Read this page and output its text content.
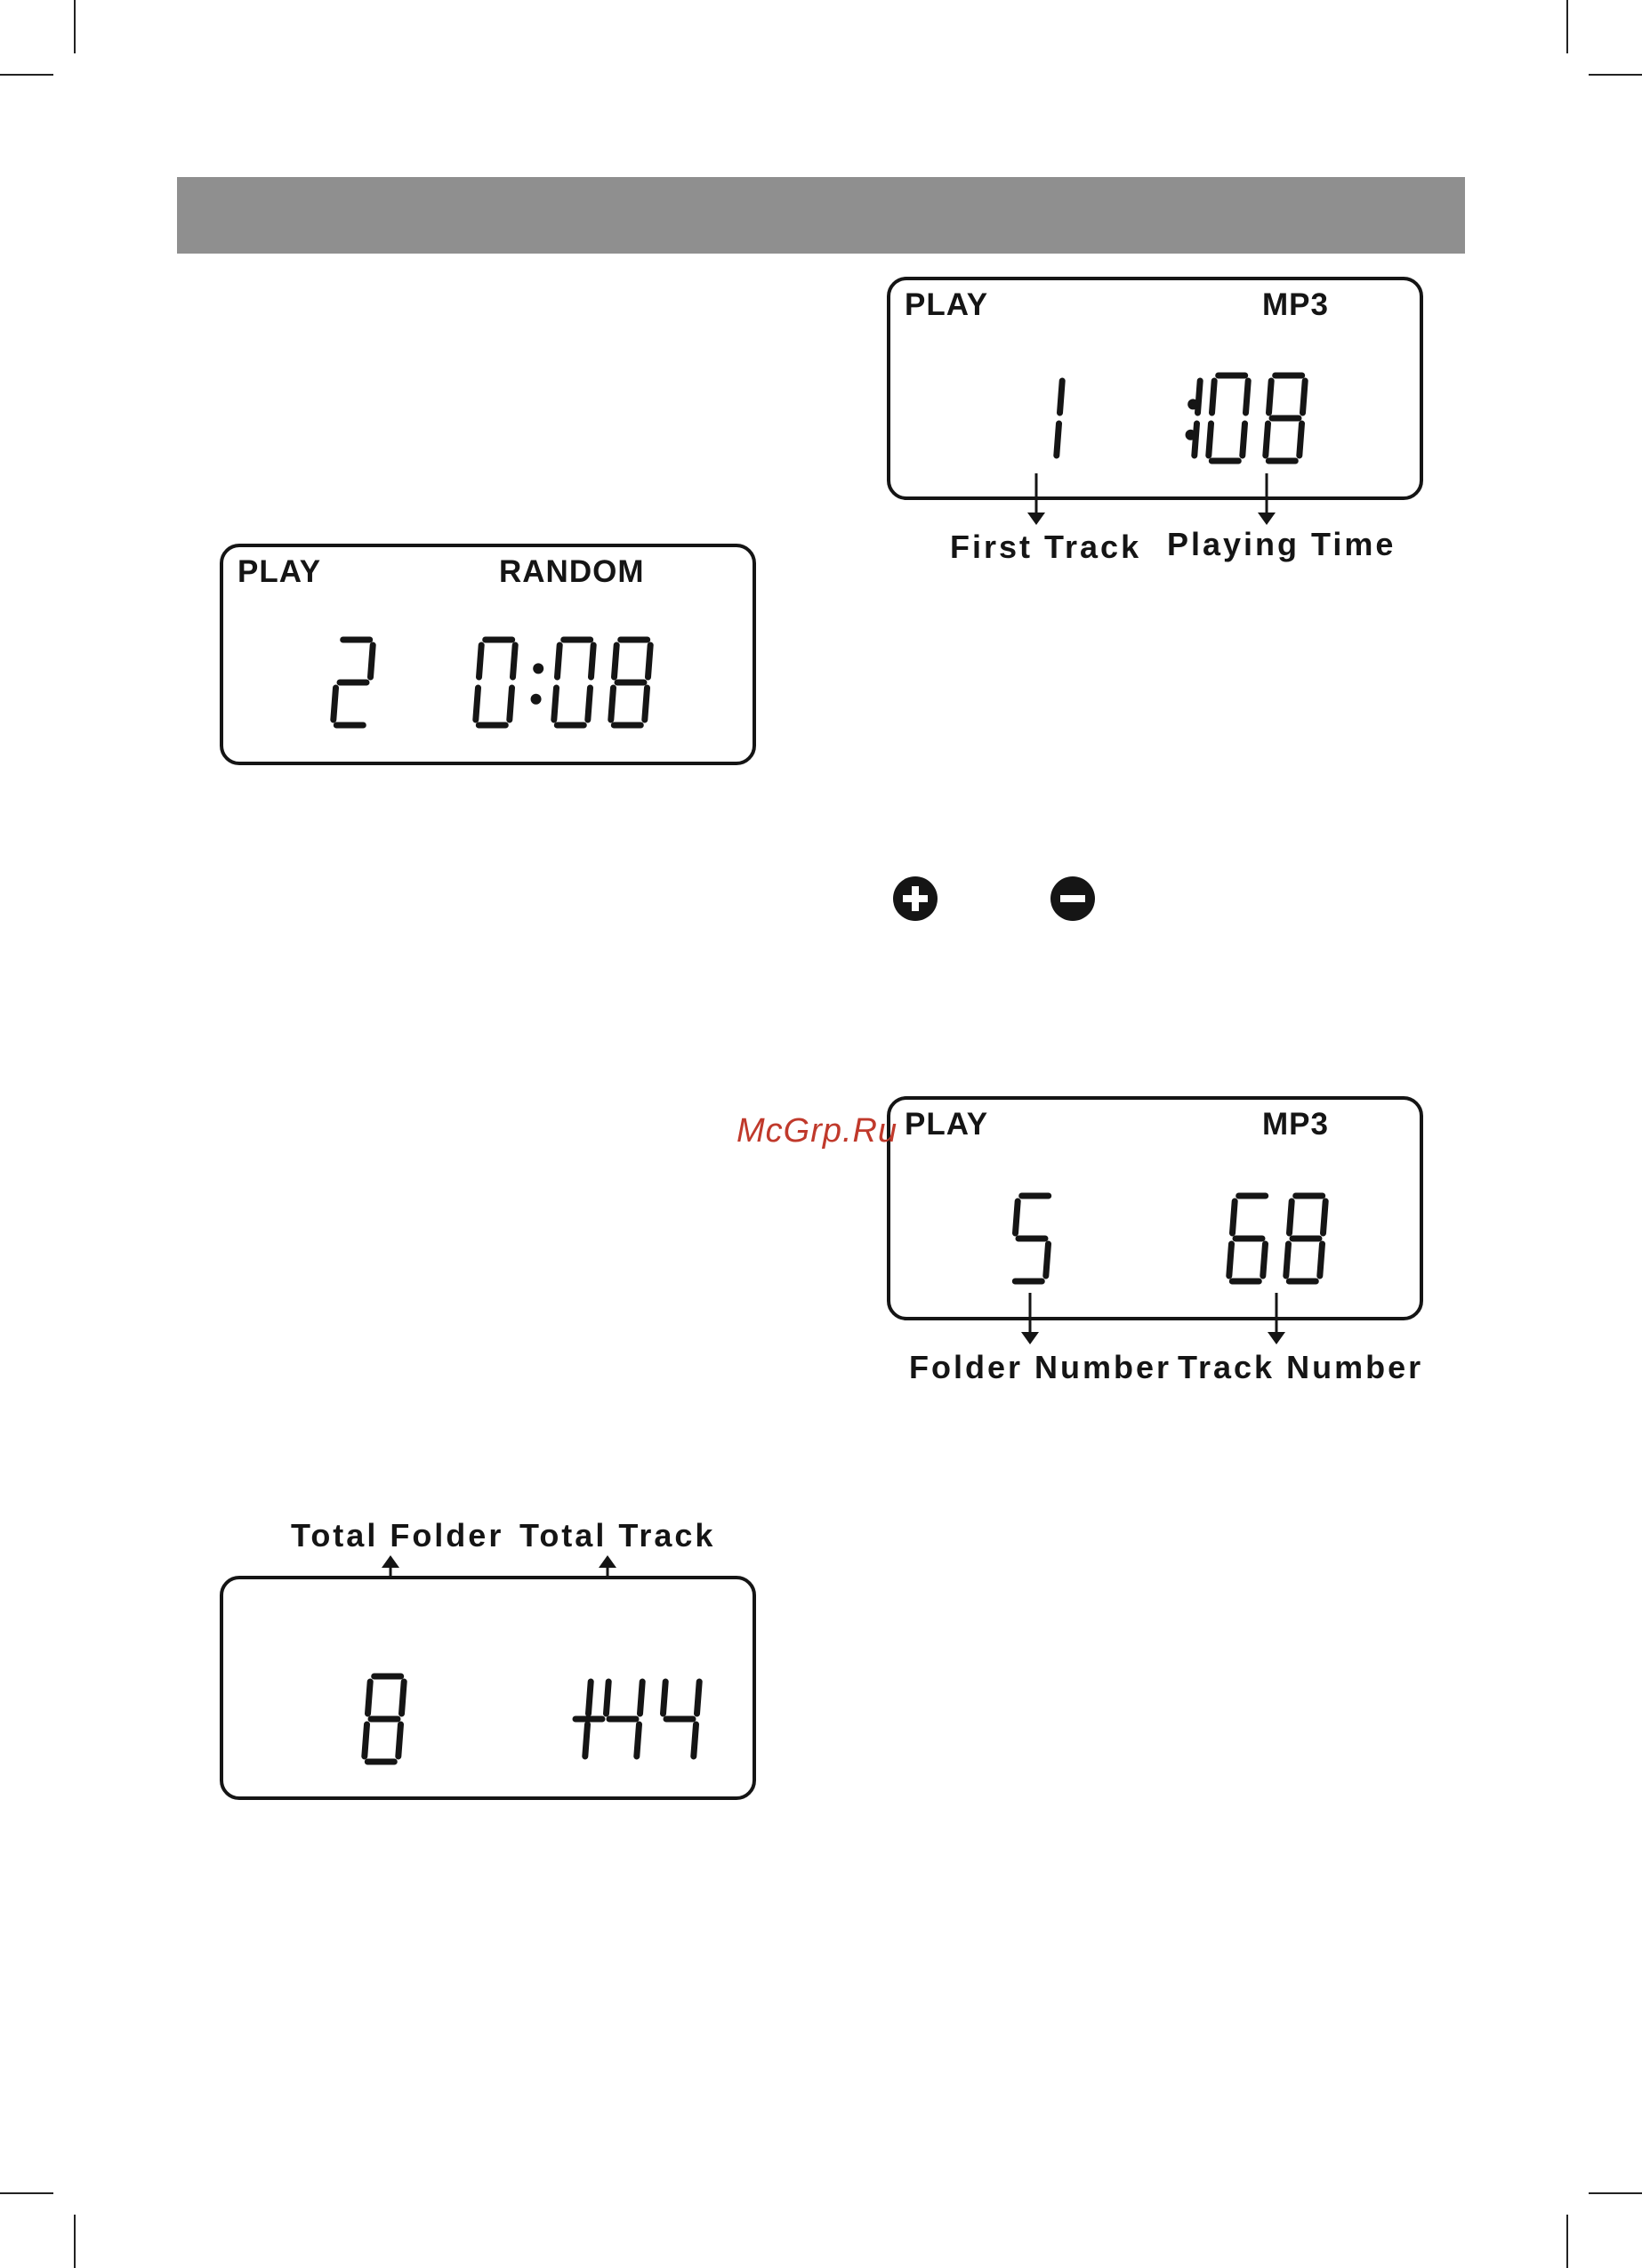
PLAY	RANDOM
PLAY	MP3
First Track Playing Time
PLAY	MP3
Folder Number Track Number
Total Folder Total Track
McGrp.Ru
